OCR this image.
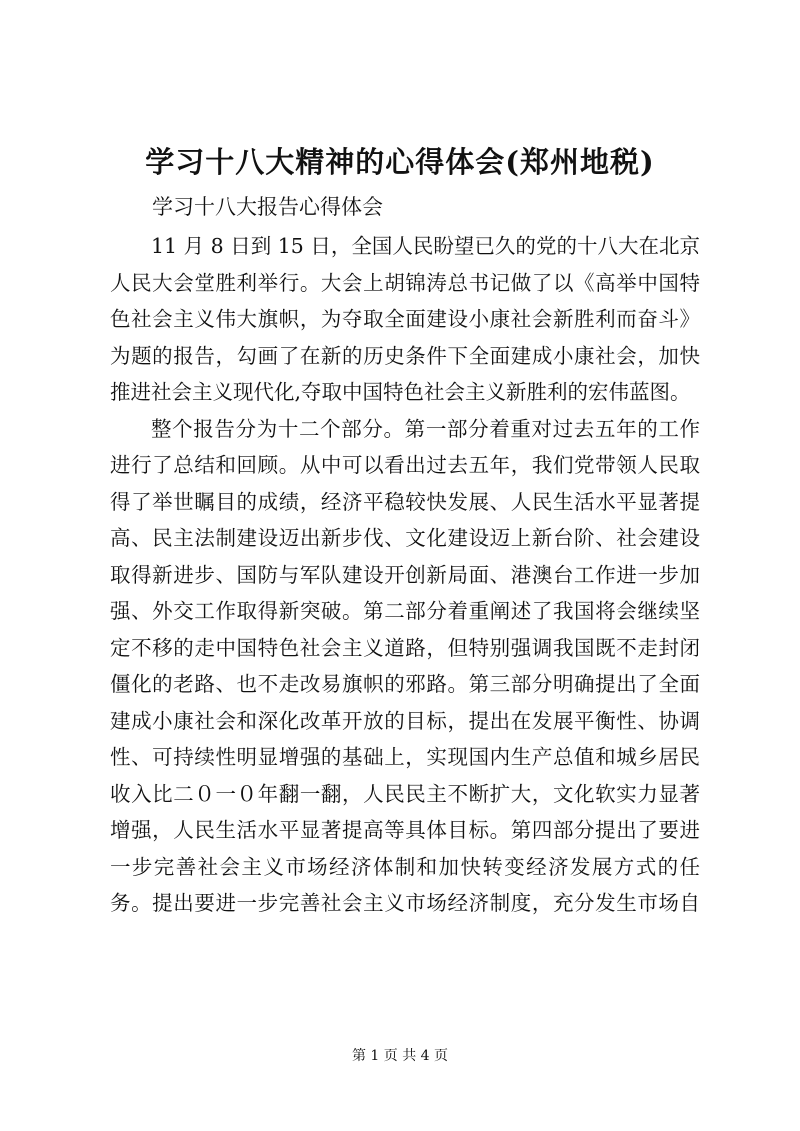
学习十八大精神的心得体会(郑州地税)
学习十八大报告心得体会
11 月 8 日到 15 日，全国人民盼望已久的党的十八大在北京
人民大会堂胜利举行。大会上胡锦涛总书记做了以《高举中国特
色社会主义伟大旗帜，为夺取全面建设小康社会新胜利而奋斗》
为题的报告，勾画了在新的历史条件下全面建成小康社会，加快
推进社会主义现代化,夺取中国特色社会主义新胜利的宏伟蓝图。
整个报告分为十二个部分。第一部分着重对过去五年的工作
进行了总结和回顾。从中可以看出过去五年，我们党带领人民取
得了举世瞩目的成绩，经济平稳较快发展、人民生活水平显著提
高、民主法制建设迈出新步伐、文化建设迈上新台阶、社会建设
取得新进步、国防与军队建设开创新局面、港澳台工作进一步加
强、外交工作取得新突破。第二部分着重阐述了我国将会继续坚
定不移的走中国特色社会主义道路，但特别强调我国既不走封闭
僵化的老路、也不走改易旗帜的邪路。第三部分明确提出了全面
建成小康社会和深化改革开放的目标，提出在发展平衡性、协调
性、可持续性明显增强的基础上，实现国内生产总值和城乡居民
收入比二０一０年翻一翻，人民民主不断扩大，文化软实力显著
增强，人民生活水平显著提高等具体目标。第四部分提出了要进
一步完善社会主义市场经济体制和加快转变经济发展方式的任
务。提出要进一步完善社会主义市场经济制度，充分发生市场自
第 1 页 共 4 页
